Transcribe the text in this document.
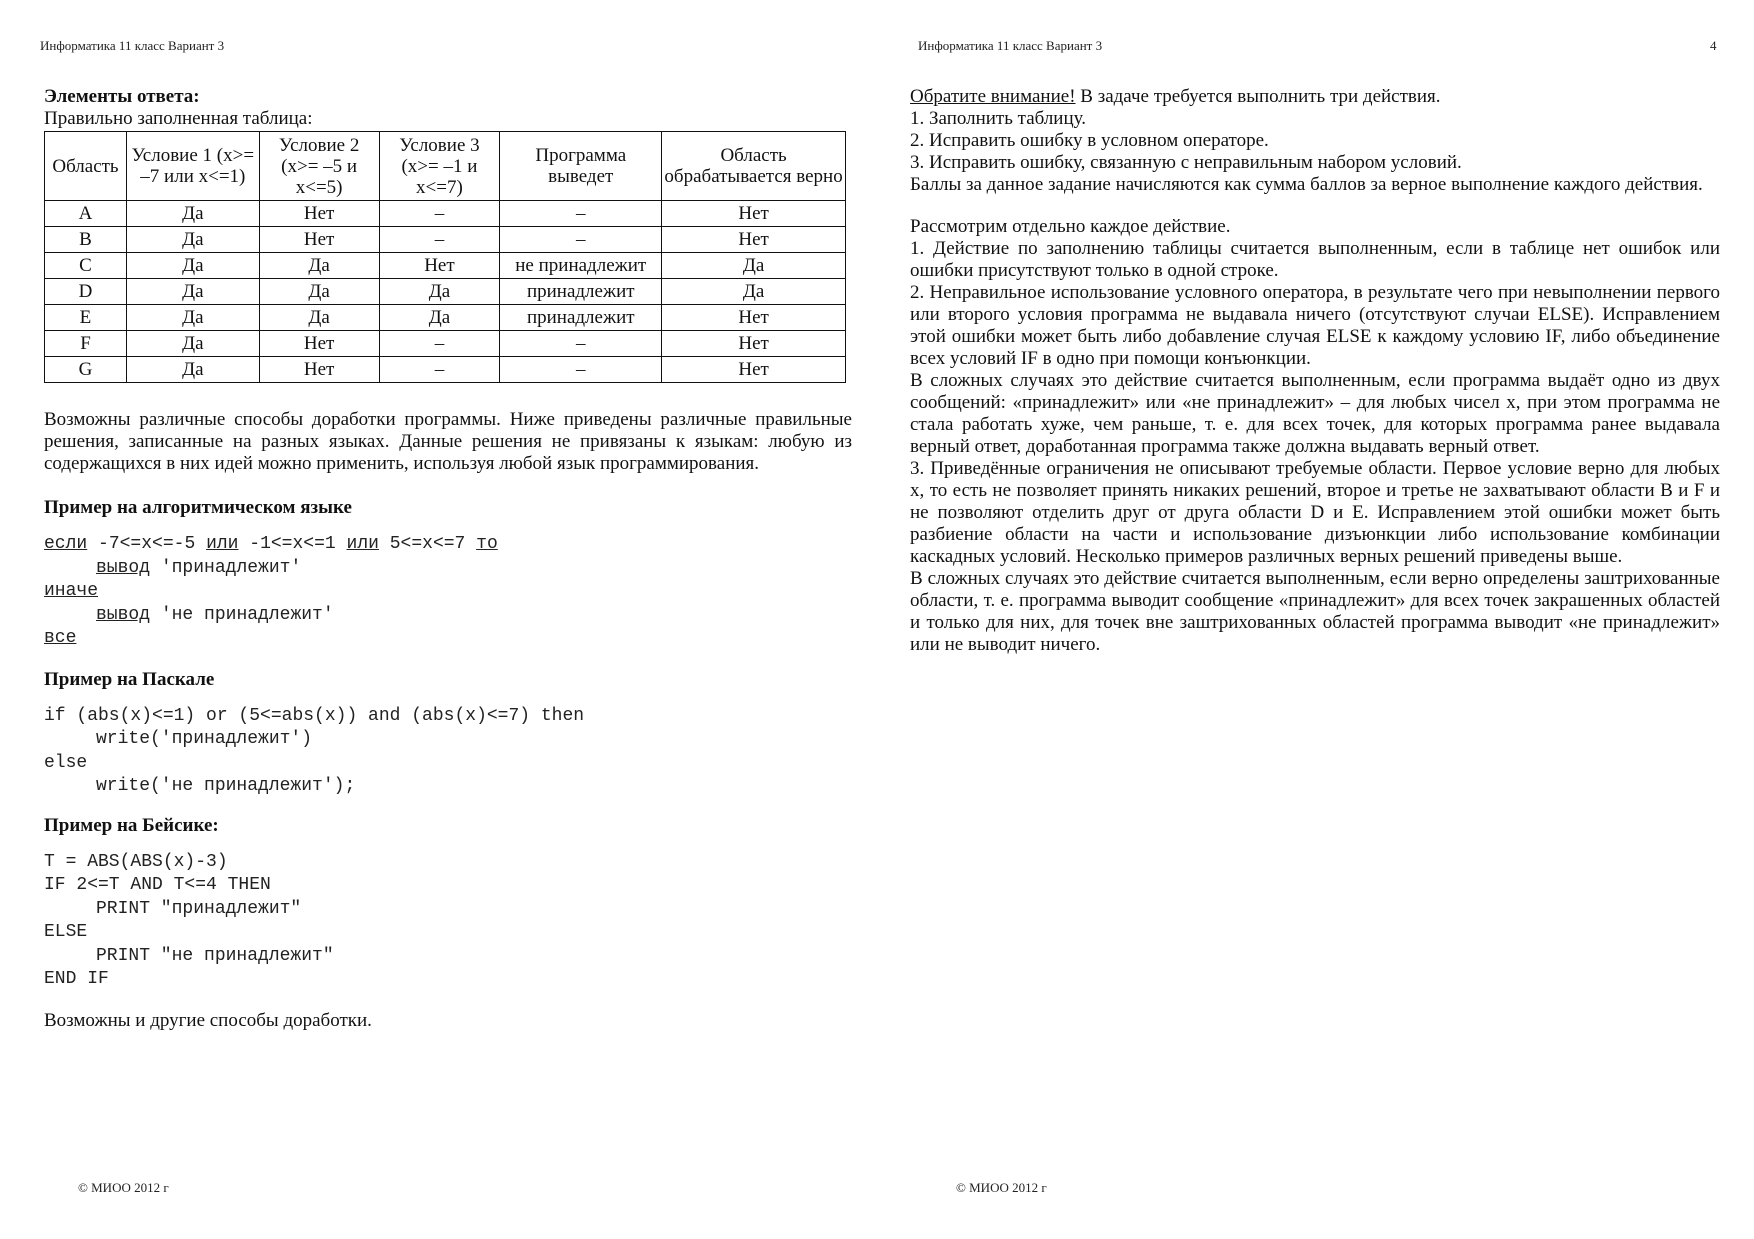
Информатика 11 класс Вариант 3	Информатика 11 класс Вариант 3	4
Элементы ответа:
Правильно заполненная таблица:
Область	Условие 1 (x>= –7 или x<=1)	Условие 2 (x>= –5 и x<=5)	Условие 3 (x>= –1 и x<=7)	Программа выведет	Область обрабатывается верно
A	Да	Нет	–	–	Нет
B	Да	Нет	–	–	Нет
C	Да	Да	Нет	не принадлежит	Да
D	Да	Да	Да	принадлежит	Да
E	Да	Да	Да	принадлежит	Нет
F	Да	Нет	–	–	Нет
G	Да	Нет	–	–	Нет

Возможны различные способы доработки программы. Ниже приведены различные правильные решения, записанные на разных языках. Данные решения не привязаны к языкам: любую из содержащихся в них идей можно применить, используя любой язык программирования.

Пример на алгоритмическом языке
если -7<=x<=-5 или -1<=x<=1 или 5<=x<=7 то
вывод 'принадлежит'
иначе
вывод 'не принадлежит'
все
Пример на Паскале
if (abs(x)<=1) or (5<=abs(x)) and (abs(x)<=7) then
write('принадлежит')
else
write('не принадлежит');
Пример на Бейсике:
T = ABS(ABS(x)-3)
IF 2<=T AND T<=4 THEN
PRINT "принадлежит"
ELSE
PRINT "не принадлежит"
END IF
Возможны и другие способы доработки.
Обратите внимание! В задаче требуется выполнить три действия.
1. Заполнить таблицу.
2. Исправить ошибку в условном операторе.
3. Исправить ошибку, связанную с неправильным набором условий.

Баллы за данное задание начисляются как сумма баллов за верное выполнение каждого действия.

Рассмотрим отдельно каждое действие.

1. Действие по заполнению таблицы считается выполненным, если в таблице нет ошибок или ошибки присутствуют только в одной строке.

2. Неправильное использование условного оператора, в результате чего при невыполнении первого или второго условия программа не выдавала ничего (отсутствуют случаи ELSE). Исправлением этой ошибки может быть либо добавление случая ELSE к каждому условию IF, либо объединение всех условий IF в одно при помощи конъюнкции.

В сложных случаях это действие считается выполненным, если программа выдаёт одно из двух сообщений: «принадлежит» или «не принадлежит» – для любых чисел x, при этом программа не стала работать хуже, чем раньше, т. е. для всех точек, для которых программа ранее выдавала верный ответ, доработанная программа также должна выдавать верный ответ.

3. Приведённые ограничения не описывают требуемые области. Первое условие верно для любых x, то есть не позволяет принять никаких решений, второе и третье не захватывают области B и F и не позволяют отделить друг от друга области D и E. Исправлением этой ошибки может быть разбиение области на части и использование дизъюнкции либо использование комбинации каскадных условий. Несколько примеров различных верных решений приведены выше.

В сложных случаях это действие считается выполненным, если верно определены заштрихованные области, т. е. программа выводит сообщение «принадлежит» для всех точек закрашенных областей и только для них, для точек вне заштрихованных областей программа выводит «не принадлежит» или не выводит ничего.

© МИОО 2012 г	© МИОО 2012 г
